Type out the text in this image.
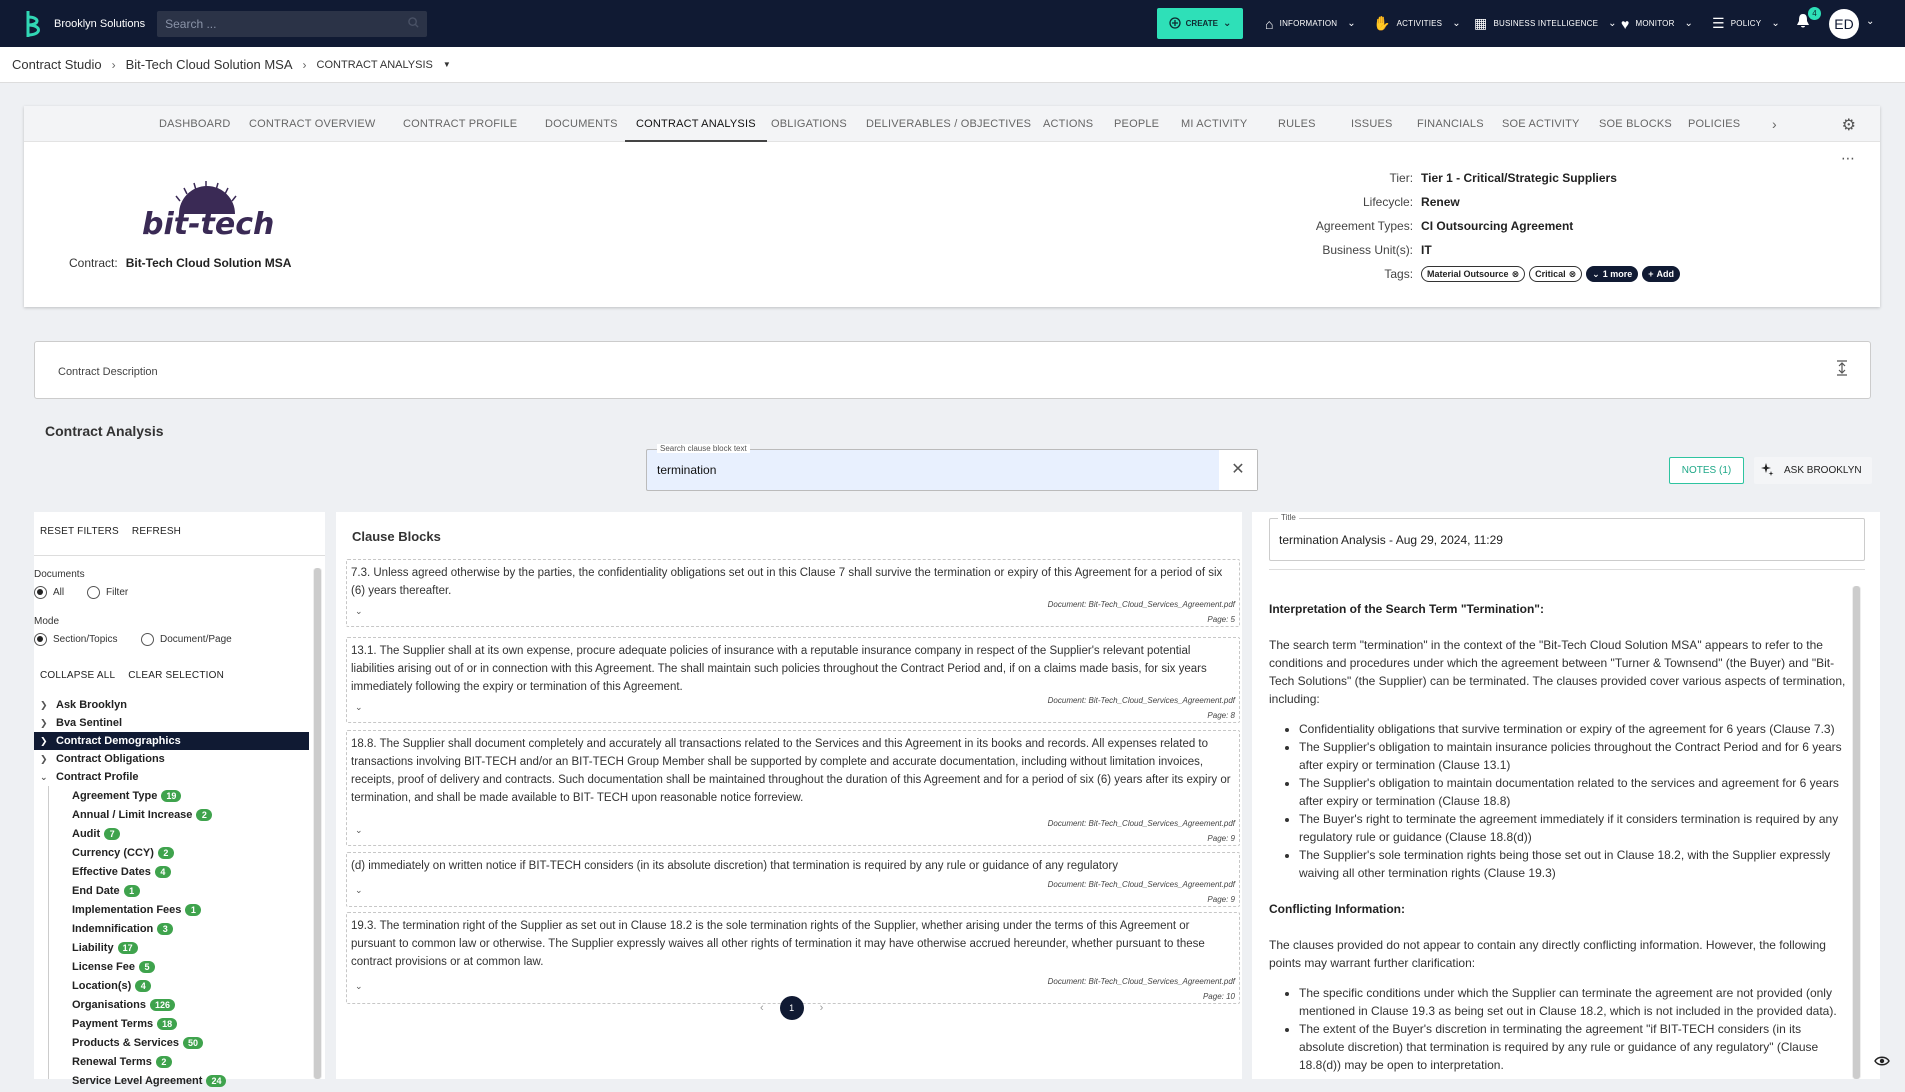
Brooklyn Solutions Search ...	CREATE ⌄ ⌂ INFORMATION ⌄ ✋ ACTIVITIES ⌄ ▦ BUSINESS INTELLIGENCE ⌄ ♥ MONITOR ⌄ ☰ POLICY ⌄
4
ED	⌄
Contract Studio › Bit-Tech Cloud Solution MSA › CONTRACT ANALYSIS ▼
DASHBOARD CONTRACT OVERVIEW	CONTRACT PROFILE	DOCUMENTS	CONTRACT ANALYSIS	OBLIGATIONS DELIVERABLES / OBJECTIVES ACTIONS PEOPLE MI ACTIVITY	RULES	ISSUES FINANCIALS SOE ACTIVITY SOE BLOCKS POLICIES ›	⚙
⋯
bit-tech
Contract: Bit-Tech Cloud Solution MSA
Tier: Tier 1 - Critical/Strategic Suppliers
Lifecycle: Renew
Agreement Types: CI Outsourcing Agreement
Business Unit(s): IT
Tags:	Material Outsource ⊗ Critical ⊗ ⌄ 1 more + Add
Contract Description
Contract Analysis
Search clause block text
termination	✕	NOTES (1)	ASK BROOKLYN
RESET FILTERS REFRESH
Documents
All	Filter
Mode
Section/Topics	Document/Page
COLLAPSE ALL CLEAR SELECTION
❯ Ask Brooklyn
❯ Bva Sentinel
❯ Contract Demographics
❯ Contract Obligations
⌄ Contract Profile
Agreement Type	19
Annual / Limit Increase	2
Audit	7
Currency (CCY)	2
Effective Dates	4
End Date	1
Implementation Fees	1
Indemnification	3
Liability	17
License Fee	5
Location(s)	4
Organisations	126
Payment Terms	18
Products & Services	50
Renewal Terms	2
Service Level Agreement	24
Clause Blocks
7.3. Unless agreed otherwise by the parties, the confidentiality obligations set out in this Clause 7 shall survive the termination or expiry of this Agreement for a period of six (6) years thereafter.
⌄
Document: Bit-Tech_Cloud_Services_Agreement.pdf
Page: 5
13.1. The Supplier shall at its own expense, procure adequate policies of insurance with a reputable insurance company in respect of the Supplier's relevant potential liabilities arising out of or in connection with this Agreement. The shall maintain such policies throughout the Contract Period and, if on a claims made basis, for six years immediately following the expiry or termination of this Agreement.
⌄
Document: Bit-Tech_Cloud_Services_Agreement.pdf
Page: 8
18.8. The Supplier shall document completely and accurately all transactions related to the Services and this Agreement in its books and records. All expenses related to transactions involving BIT-TECH and/or an BIT-TECH Group Member shall be supported by complete and accurate documentation, including without limitation invoices, receipts, proof of delivery and contracts. Such documentation shall be maintained throughout the duration of this Agreement and for a period of six (6) years after its expiry or termination, and shall be made available to BIT- TECH upon reasonable notice forreview.
⌄
Document: Bit-Tech_Cloud_Services_Agreement.pdf
Page: 9
(d) immediately on written notice if BIT-TECH considers (in its absolute discretion) that termination is required by any rule or guidance of any regulatory
⌄
Document: Bit-Tech_Cloud_Services_Agreement.pdf
Page: 9
19.3. The termination right of the Supplier as set out in Clause 18.2 is the sole termination rights of the Supplier, whether arising under the terms of this Agreement or pursuant to common law or otherwise. The Supplier expressly waives all other rights of termination it may have otherwise accrued hereunder, whether pursuant to these contract provisions or at common law.
⌄	Document: Bit-Tech_Cloud_Services_Agreement.pdf
Page: 10
‹	1	›
Title
termination Analysis - Aug 29, 2024, 11:29
Interpretation of the Search Term "Termination":

The search term "termination" in the context of the "Bit-Tech Cloud Solution MSA" appears to refer to the conditions and procedures under which the agreement between "Turner & Townsend" (the Buyer) and "Bit-Tech Solutions" (the Supplier) can be terminated. The clauses provided cover various aspects of termination, including:

• Confidentiality obligations that survive termination or expiry of the agreement for 6 years (Clause 7.3)
• The Supplier's obligation to maintain insurance policies throughout the Contract Period and for 6 years after expiry or termination (Clause 13.1)
• The Supplier's obligation to maintain documentation related to the services and agreement for 6 years after expiry or termination (Clause 18.8)
• The Buyer's right to terminate the agreement immediately if it considers termination is required by any regulatory rule or guidance (Clause 18.8(d))
• The Supplier's sole termination rights being those set out in Clause 18.2, with the Supplier expressly waiving all other termination rights (Clause 19.3)
Conflicting Information:

The clauses provided do not appear to contain any directly conflicting information. However, the following points may warrant further clarification:

• The specific conditions under which the Supplier can terminate the agreement are not provided (only mentioned in Clause 19.3 as being set out in Clause 18.2, which is not included in the provided data).
• The extent of the Buyer's discretion in terminating the agreement "if BIT-TECH considers (in its absolute discretion) that termination is required by any rule or guidance of any regulatory" (Clause 18.8(d)) may be open to interpretation.
